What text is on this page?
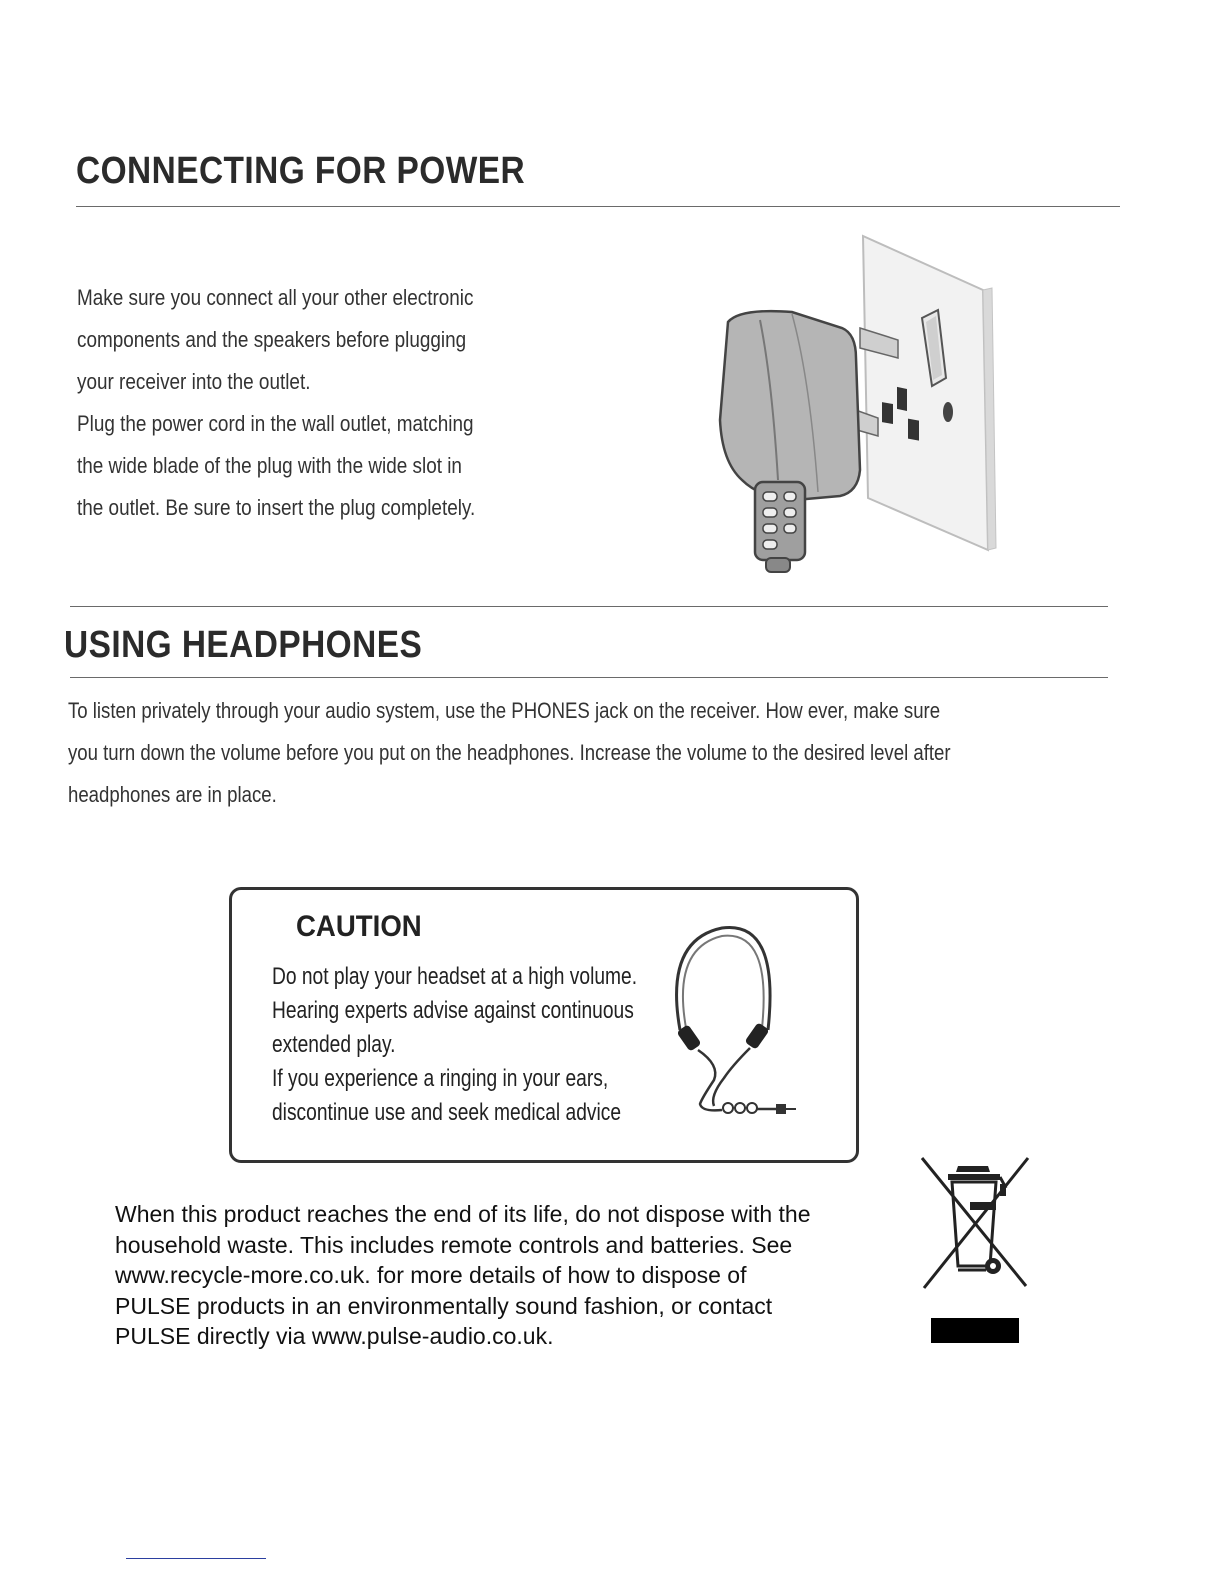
CONNECTING FOR POWER
Make sure you connect all your other electronic
components and the speakers before plugging
your receiver into the outlet.
Plug the power cord in the wall outlet, matching
the wide blade of the plug with the wide slot in
the outlet. Be sure to insert the plug completely.
USING HEADPHONES
To listen privately through your audio system, use the PHONES jack on the receiver. How ever, make sure
you turn down the volume before you put on the headphones. Increase the volume to the desired level after
headphones are in place.
CAUTION
Do not play your headset at a high volume.
Hearing experts advise against continuous
extended play.
If you experience a ringing in your ears,
discontinue use and seek medical advice
When this product reaches the end of its life, do not dispose with the
household waste. This includes remote controls and batteries. See
www.recycle-more.co.uk. for more details of how to dispose of
PULSE products in an environmentally sound fashion, or contact
PULSE directly via www.pulse-audio.co.uk.
